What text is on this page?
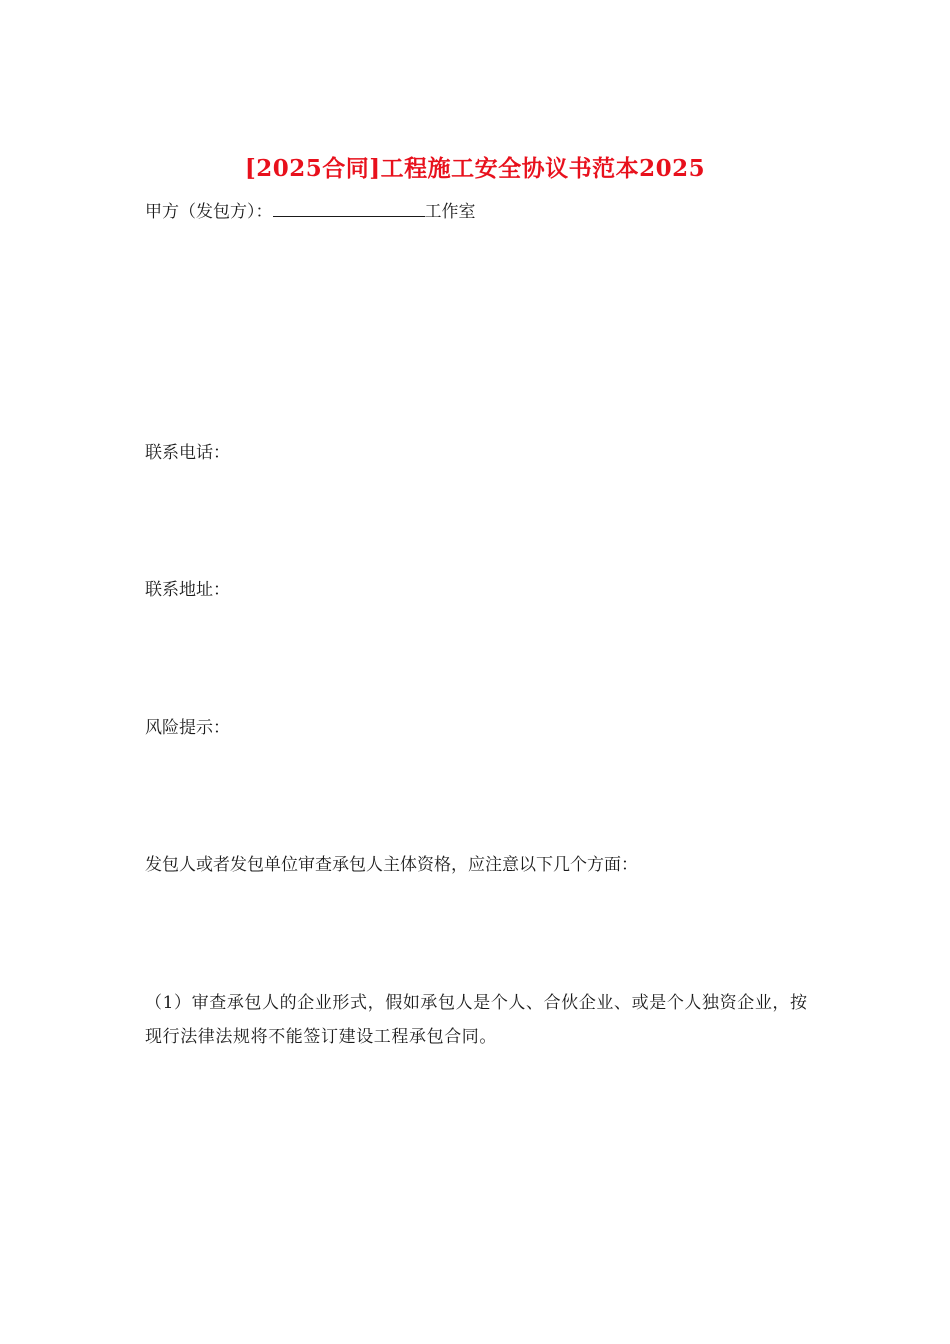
[2025合同]工程施工安全协议书范本2025
甲方（发包方）：	工作室
联系电话：
联系地址：
风险提示：
发包人或者发包单位审查承包人主体资格，应注意以下几个方面：
（1）审查承包人的企业形式，假如承包人是个人、合伙企业、或是个人独资企业，按现行法律法规将不能签订建设工程承包合同。
